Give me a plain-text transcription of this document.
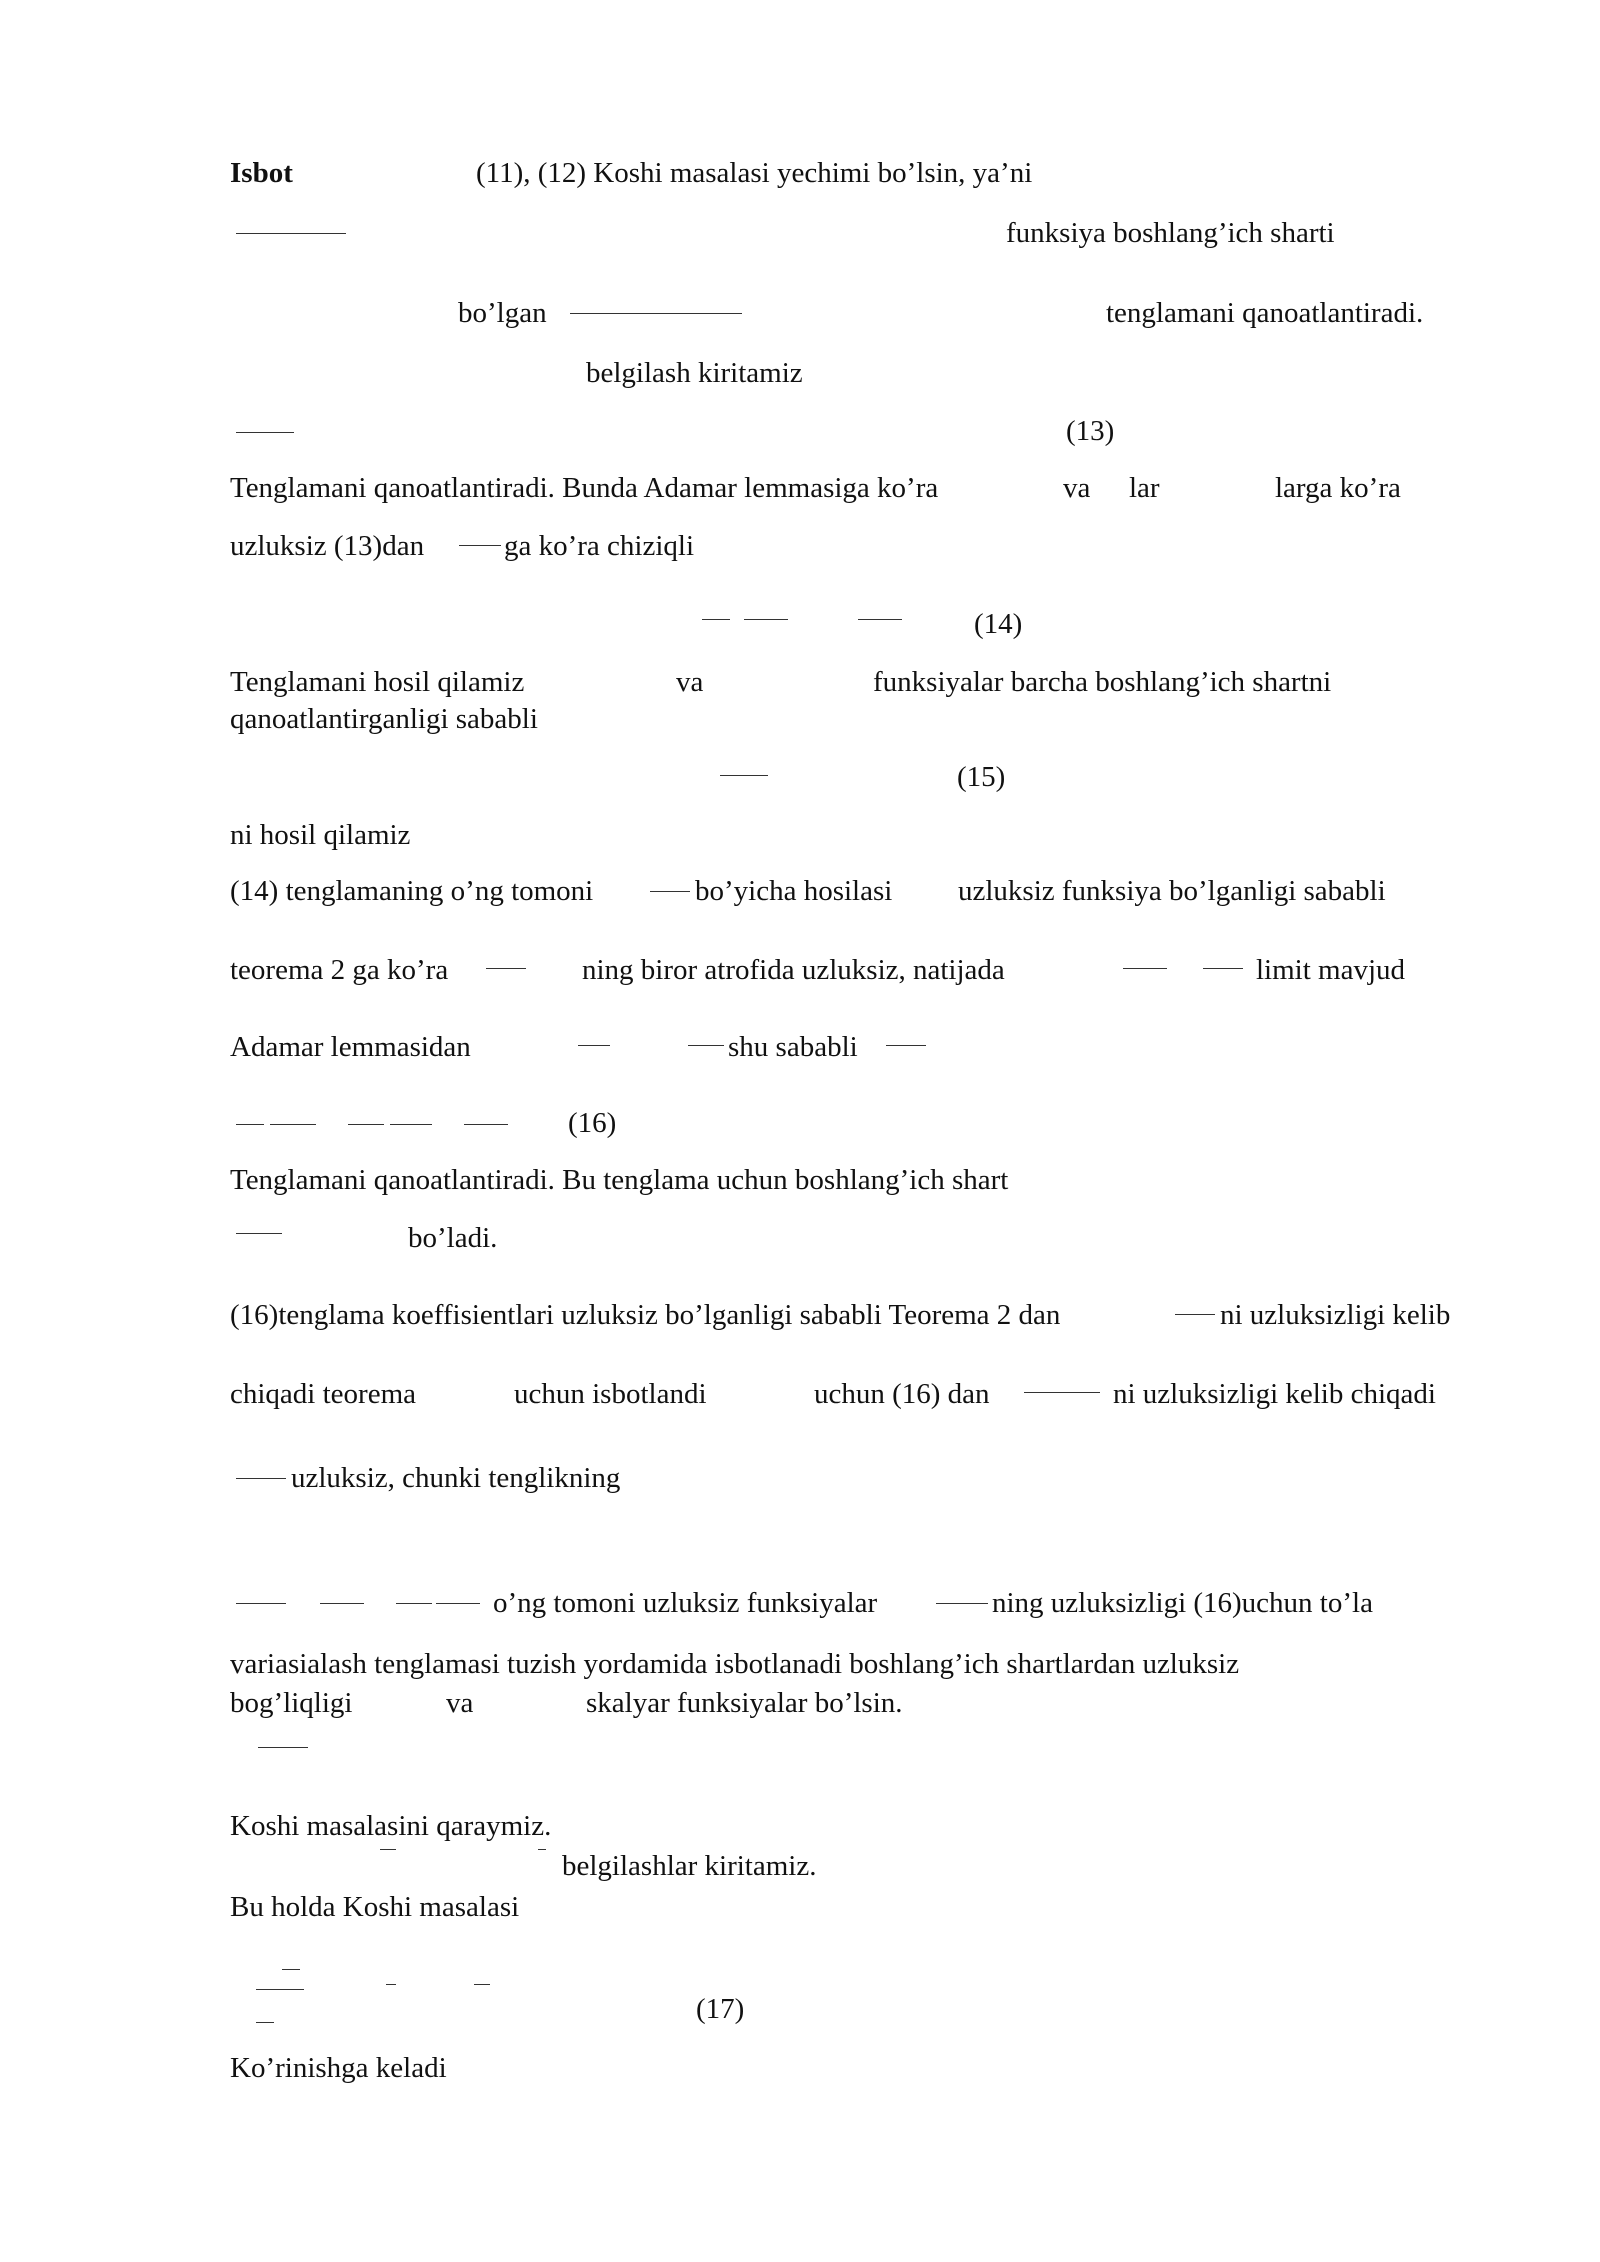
Isbot	(11), (12) Koshi masalasi yechimi bo’lsin, ya’ni
funksiya boshlang’ich sharti
bo’lgan	tenglamani qanoatlantiradi.
belgilash kiritamiz
(13)
Tenglamani qanoatlantiradi. Bunda Adamar lemmasiga ko’ra	va lar	larga ko’ra
uzluksiz (13)dan	ga ko’ra chiziqli
(14)
Tenglamani hosil qilamiz	va	funksiyalar barcha boshlang’ich shartni
qanoatlantirganligi sababli
(15)
ni hosil qilamiz
(14) tenglamaning o’ng tomoni	bo’yicha hosilasi uzluksiz funksiya bo’lganligi sababli
teorema 2 ga ko’ra	ning biror atrofida uzluksiz, natijada	limit mavjud
Adamar lemmasidan	shu sababli
(16)
Tenglamani qanoatlantiradi. Bu tenglama uchun boshlang’ich shart
bo’ladi.
(16)tenglama koeffisientlari uzluksiz bo’lganligi sababli Teorema 2 dan	ni uzluksizligi kelib
chiqadi teorema	uchun isbotlandi	uchun (16) dan	ni uzluksizligi kelib chiqadi
uzluksiz, chunki tenglikning
o’ng tomoni uzluksiz funksiyalar	ning uzluksizligi (16)uchun to’la
variasialash tenglamasi tuzish yordamida isbotlanadi boshlang’ich shartlardan uzluksiz
bog’liqligi	va	skalyar funksiyalar bo’lsin.
Koshi masalasini qaraymiz.
belgilashlar kiritamiz.
Bu holda Koshi masalasi
(17)
Ko’rinishga keladi
